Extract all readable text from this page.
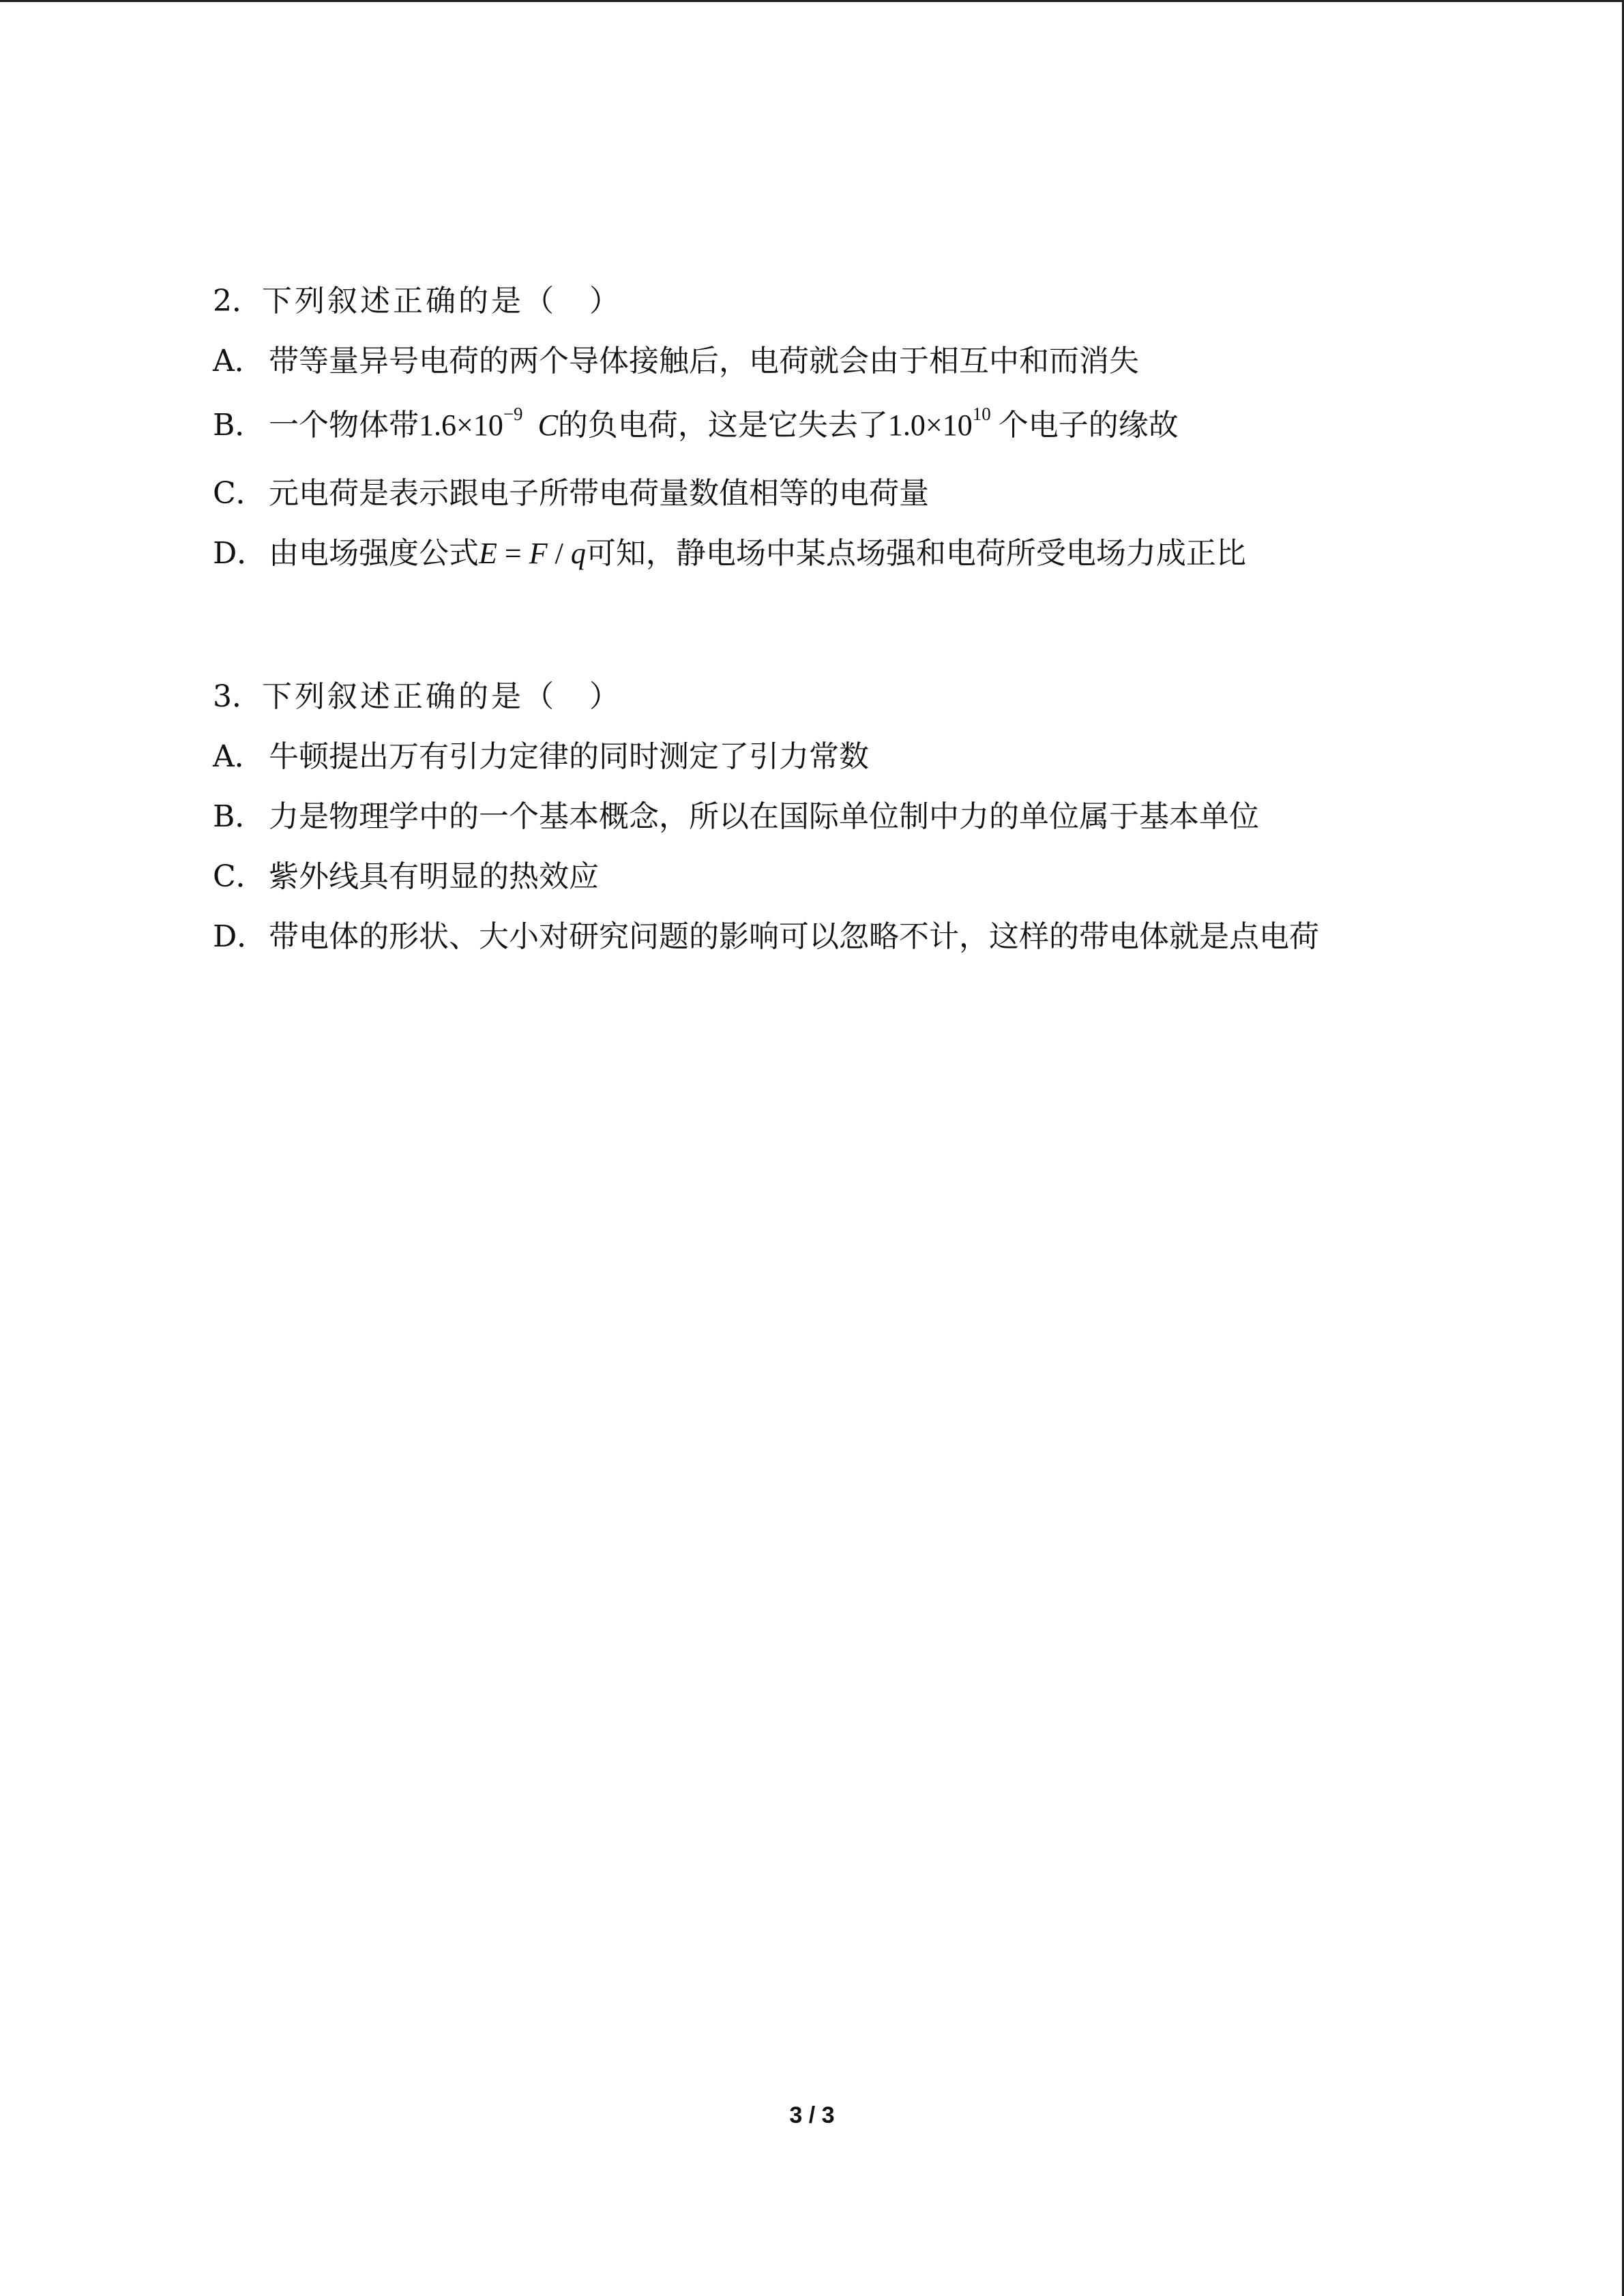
2．下列叙述正确的是（　）
A． 带等量异号电荷的两个导体接触后，电荷就会由于相互中和而消失
B． 一个物体带$1.6\times 10^{-9}$ C的负电荷，这是它失去了$1.0\times 10^{10}$ 个电子的缘故
C．元电荷是表示跟电子所带电荷量数值相等的电荷量
D．由电场强度公式E = F / q可知，静电场中某点场强和电荷所受电场力成正比
3．下列叙述正确的是（　）
A． 牛顿提出万有引力定律的同时测定了引力常数
B． 力是物理学中的一个基本概念，所以在国际单位制中力的单位属于基本单位
C．紫外线具有明显的热效应
D．带电体的形状、大小对研究问题的影响可以忽略不计，这样的带电体就是点电荷
3 / 3
